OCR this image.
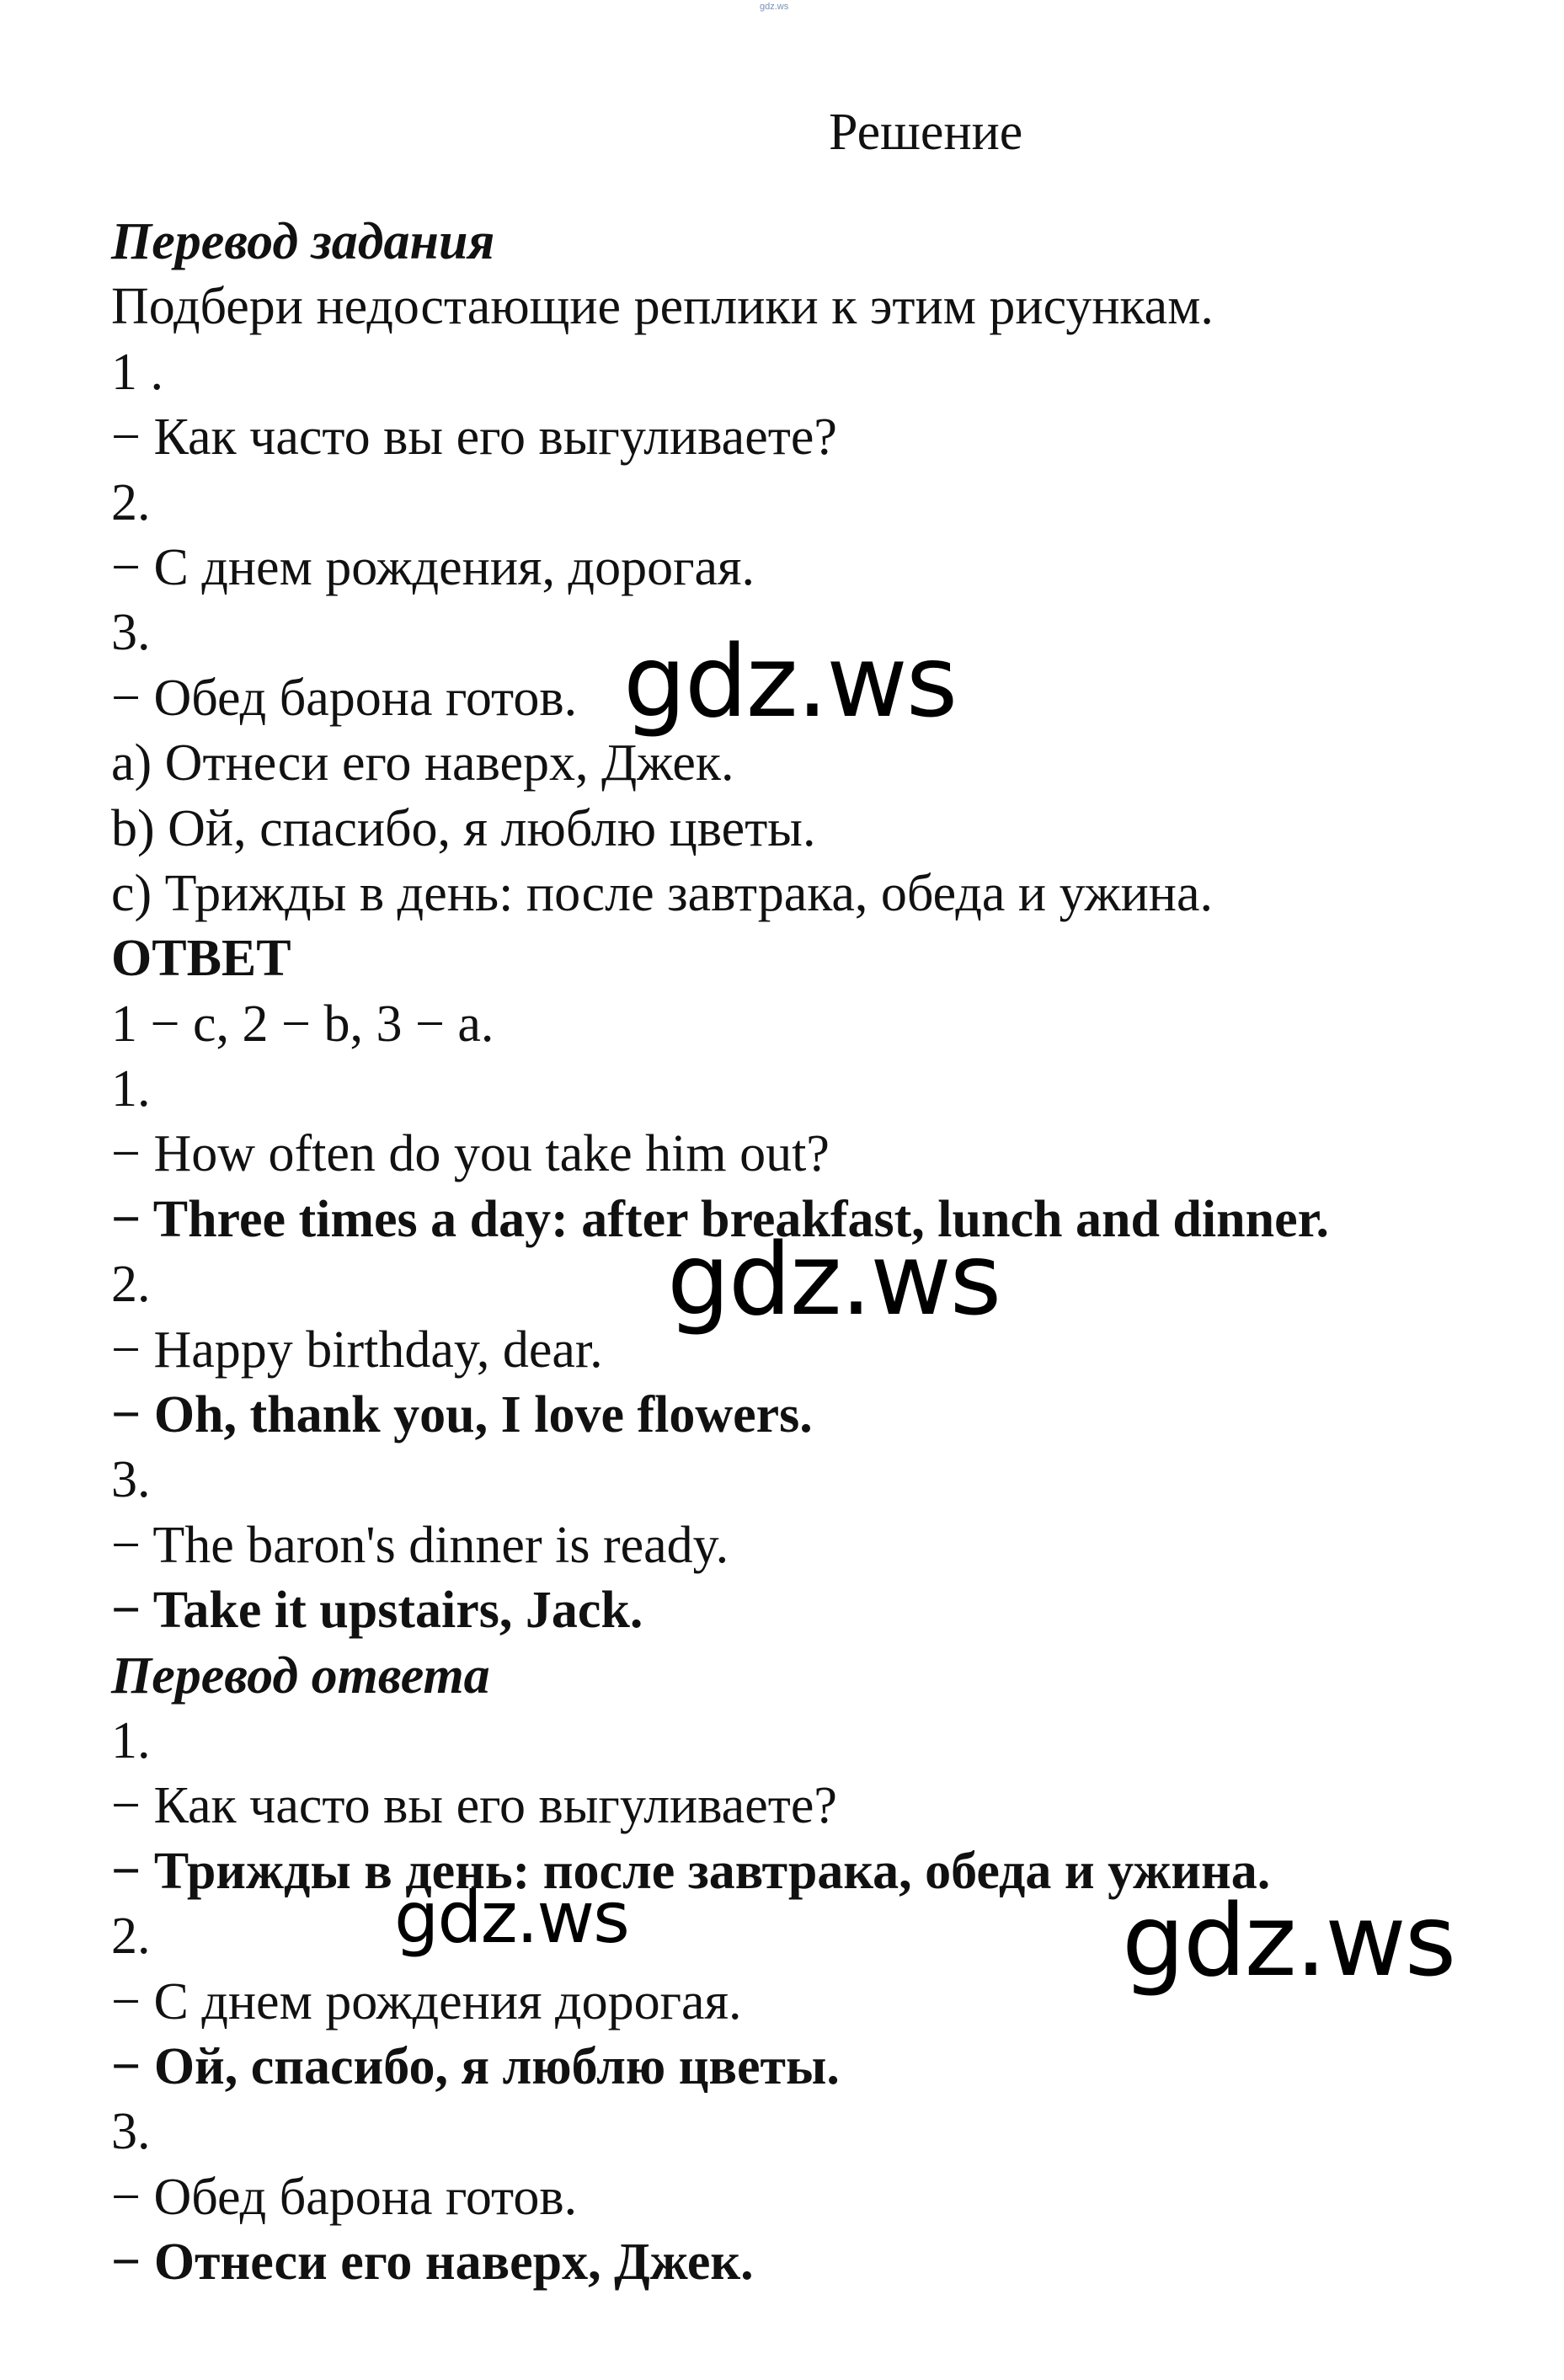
gdz.ws
Решение
Перевод задания
Подбери недостающие реплики к этим рисункам.
1 .
− Как часто вы его выгуливаете?
2.
− С днем рождения, дорогая.
3.
− Обед барона готов.
a) Отнеси его наверх, Джек.
b) Ой, спасибо, я люблю цветы.
c) Трижды в день: после завтрака, обеда и ужина.
ОТВЕТ
1 − c, 2 − b, 3 − a.
1.
− How often do you take him out?
− Three times a day: after breakfast, lunch and dinner.
2.
− Happy birthday, dear.
− Oh, thank you, I love flowers.
3.
− The baron's dinner is ready.
− Take it upstairs, Jack.
Перевод ответа
1.
− Как часто вы его выгуливаете?
− Трижды в день: после завтрака, обеда и ужина.
2.
− С днем рождения дорогая.
− Ой, спасибо, я люблю цветы.
3.
− Обед барона готов.
− Отнеси его наверх, Джек.
gdz.ws
gdz.ws
gdz.ws	gdz.ws
